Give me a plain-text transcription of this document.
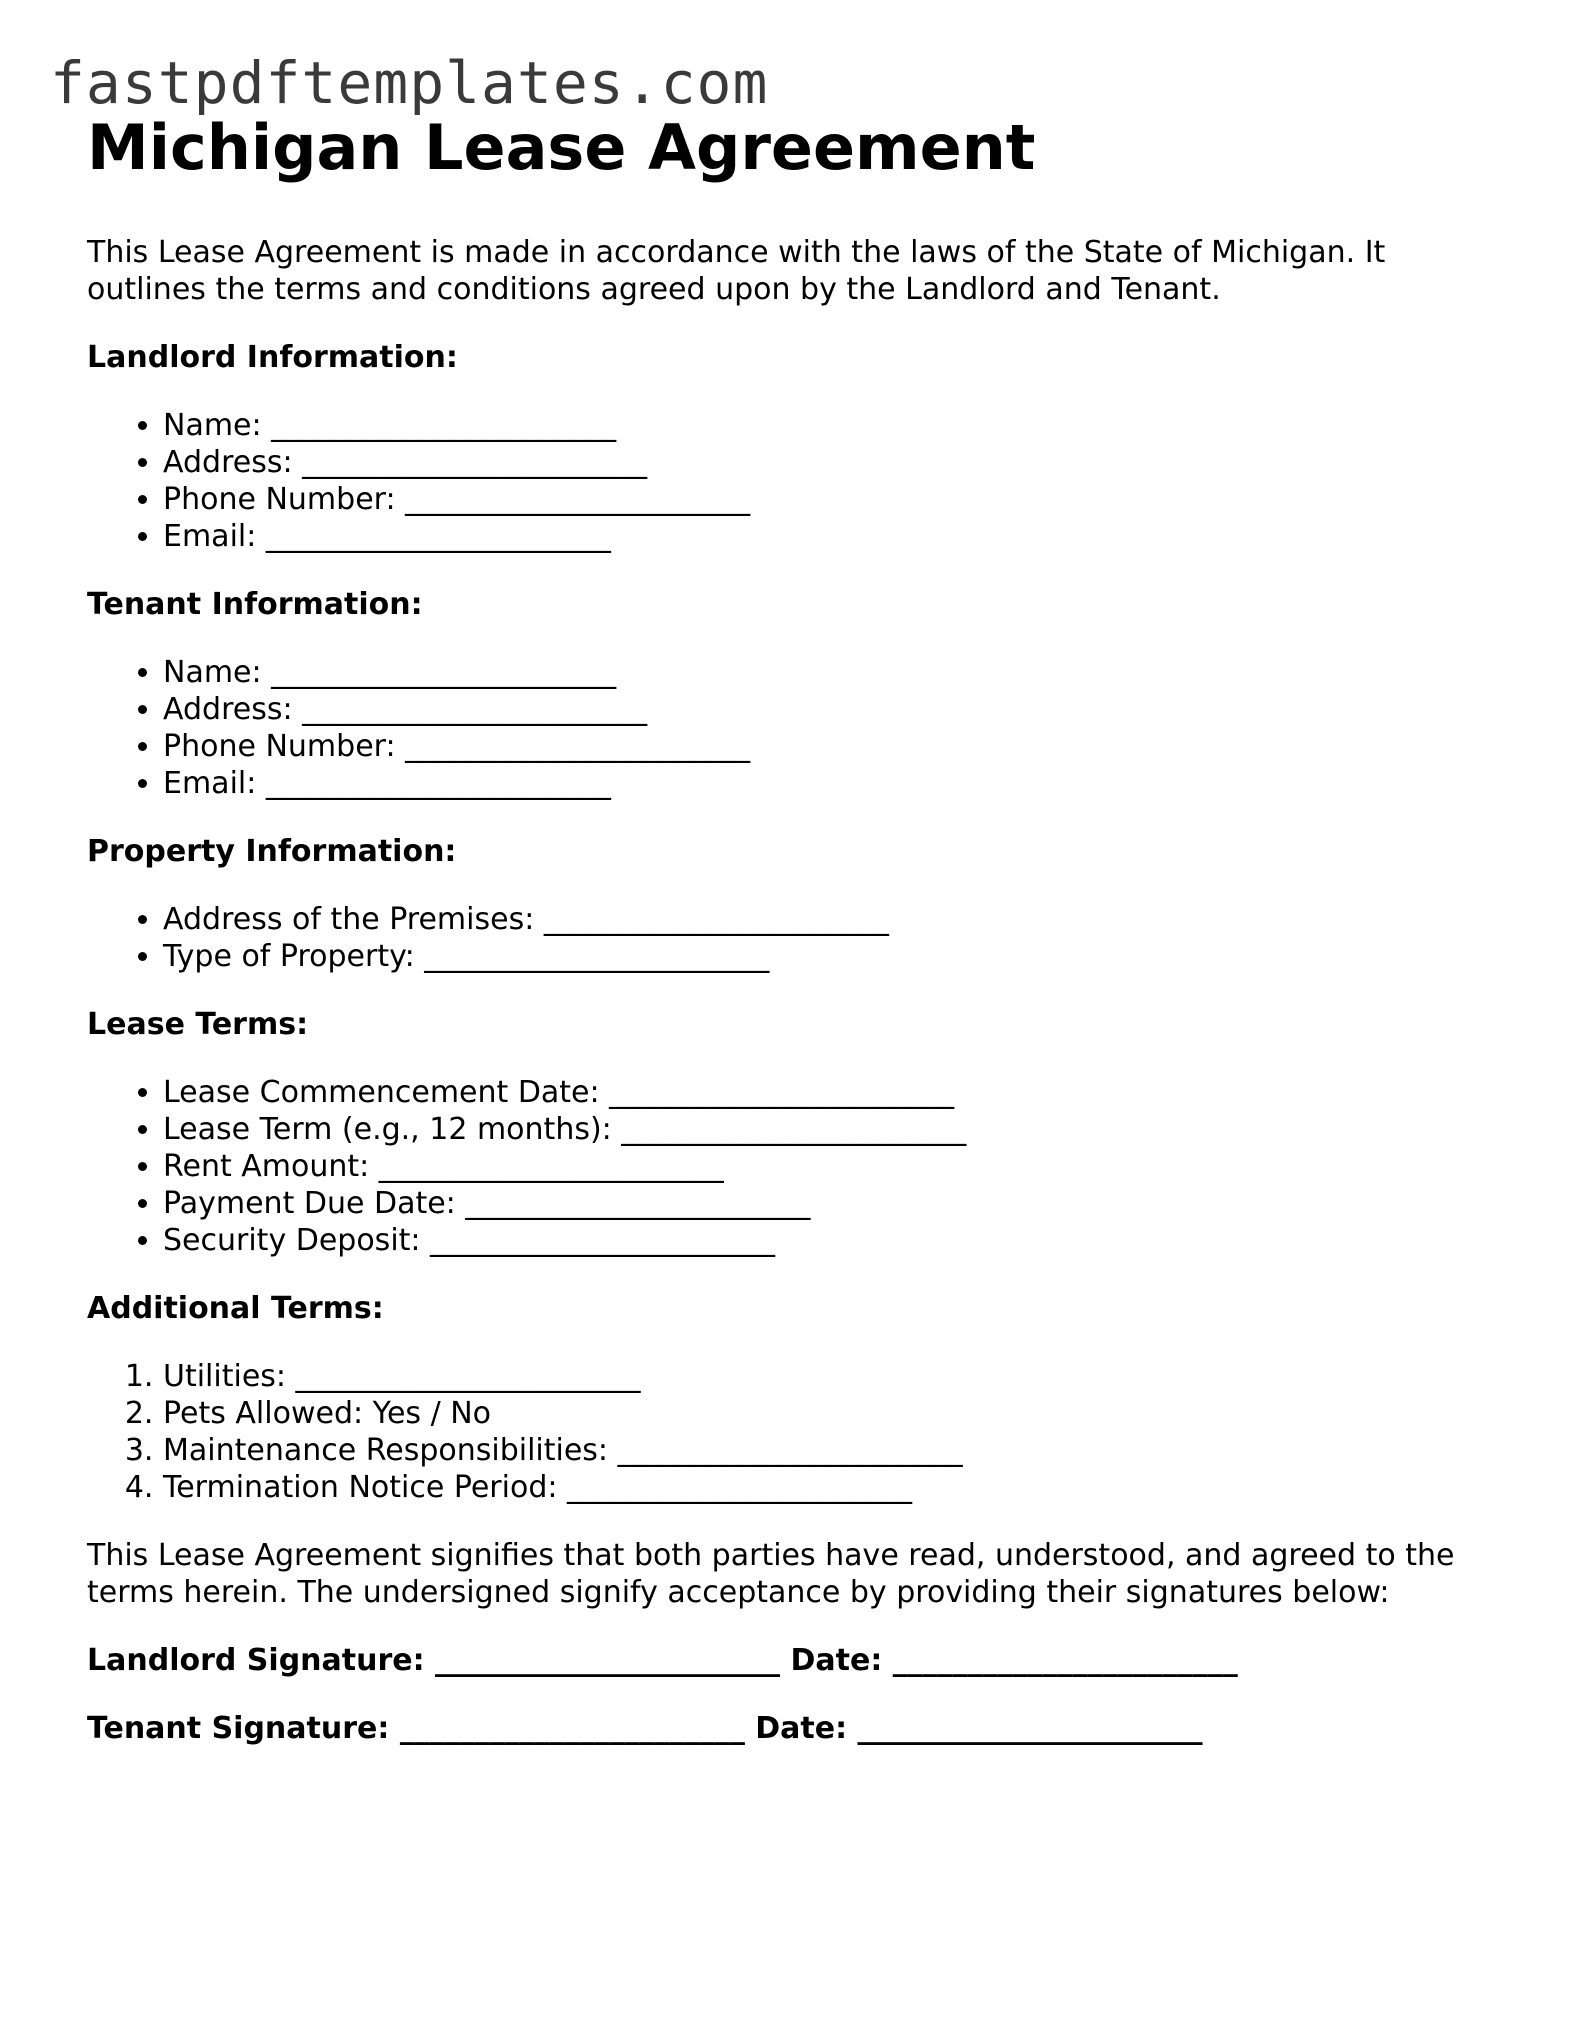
fastpdftemplates.com
Michigan Lease Agreement

This Lease Agreement is made in accordance with the laws of the State of Michigan. It outlines the terms and conditions agreed upon by the Landlord and Tenant.

Landlord Information:
• Name: _______________________
• Address: _______________________
• Phone Number: _______________________
• Email: _______________________
Tenant Information:
• Name: _______________________
• Address: _______________________
• Phone Number: _______________________
• Email: _______________________
Property Information:
• Address of the Premises: _______________________
• Type of Property: _______________________
Lease Terms:
• Lease Commencement Date: _______________________
• Lease Term (e.g., 12 months): _______________________
• Rent Amount: _______________________
• Payment Due Date: _______________________
• Security Deposit: _______________________
Additional Terms:
1. Utilities: _______________________
2. Pets Allowed: Yes / No
3. Maintenance Responsibilities: _______________________
4. Termination Notice Period: _______________________

This Lease Agreement signifies that both parties have read, understood, and agreed to the terms herein. The undersigned signify acceptance by providing their signatures below:

Landlord Signature: _______________________ Date: _______________________
Tenant Signature: _______________________ Date: _______________________
